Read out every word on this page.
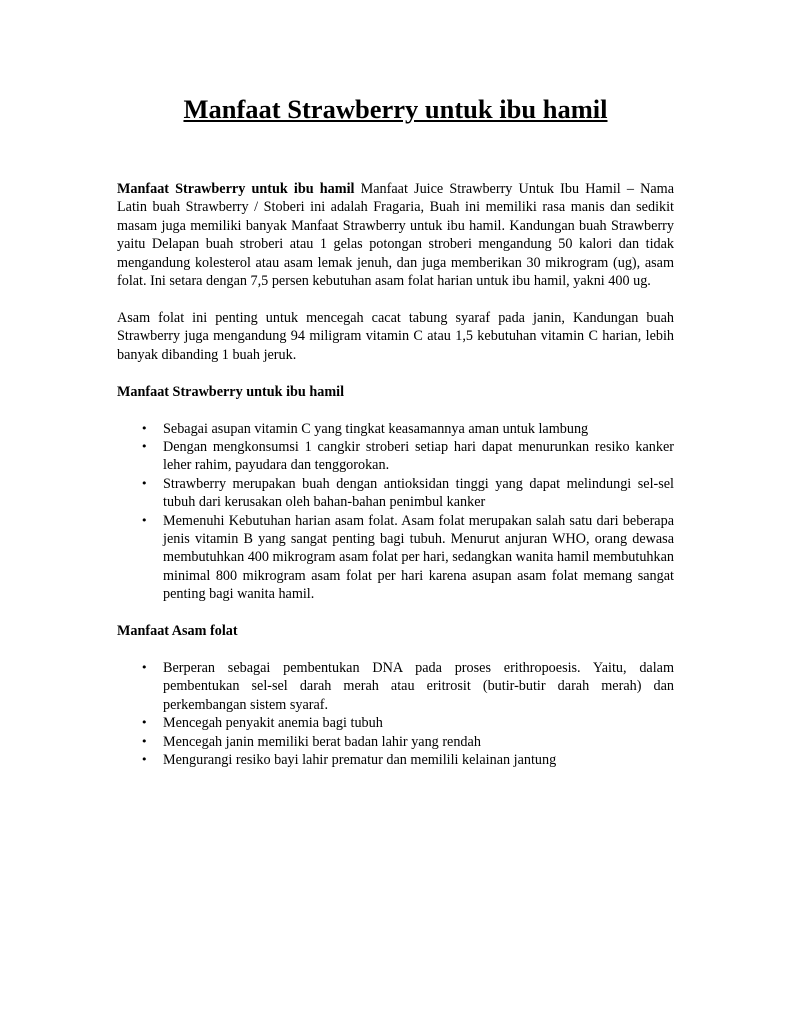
Manfaat Strawberry untuk ibu hamil

Manfaat Strawberry untuk ibu hamil Manfaat Juice Strawberry Untuk Ibu Hamil – Nama Latin buah Strawberry / Stoberi ini adalah Fragaria, Buah ini memiliki rasa manis dan sedikit masam juga memiliki banyak Manfaat Strawberry untuk ibu hamil. Kandungan buah Strawberry yaitu Delapan buah stroberi atau 1 gelas potongan stroberi mengandung 50 kalori dan tidak mengandung kolesterol atau asam lemak jenuh, dan juga memberikan 30 mikrogram (ug), asam folat. Ini setara dengan 7,5 persen kebutuhan asam folat harian untuk ibu hamil, yakni 400 ug.

Asam folat ini penting untuk mencegah cacat tabung syaraf pada janin, Kandungan buah Strawberry juga mengandung 94 miligram vitamin C atau 1,5 kebutuhan vitamin C harian, lebih banyak dibanding 1 buah jeruk.

Manfaat Strawberry untuk ibu hamil

• Sebagai asupan vitamin C yang tingkat keasamannya aman untuk lambung
• Dengan mengkonsumsi 1 cangkir stroberi setiap hari dapat menurunkan resiko kanker leher rahim, payudara dan tenggorokan.
• Strawberry merupakan buah dengan antioksidan tinggi yang dapat melindungi sel-sel tubuh dari kerusakan oleh bahan-bahan penimbul kanker
• Memenuhi Kebutuhan harian asam folat. Asam folat merupakan salah satu dari beberapa jenis vitamin B yang sangat penting bagi tubuh. Menurut anjuran WHO, orang dewasa membutuhkan 400 mikrogram asam folat per hari, sedangkan wanita hamil membutuhkan minimal 800 mikrogram asam folat per hari karena asupan asam folat memang sangat penting bagi wanita hamil.

Manfaat Asam folat

• Berperan sebagai pembentukan DNA pada proses erithropoesis. Yaitu, dalam pembentukan sel-sel darah merah atau eritrosit (butir-butir darah merah) dan perkembangan sistem syaraf.
• Mencegah penyakit anemia bagi tubuh
• Mencegah janin memiliki berat badan lahir yang rendah
• Mengurangi resiko bayi lahir prematur dan memilili kelainan jantung
